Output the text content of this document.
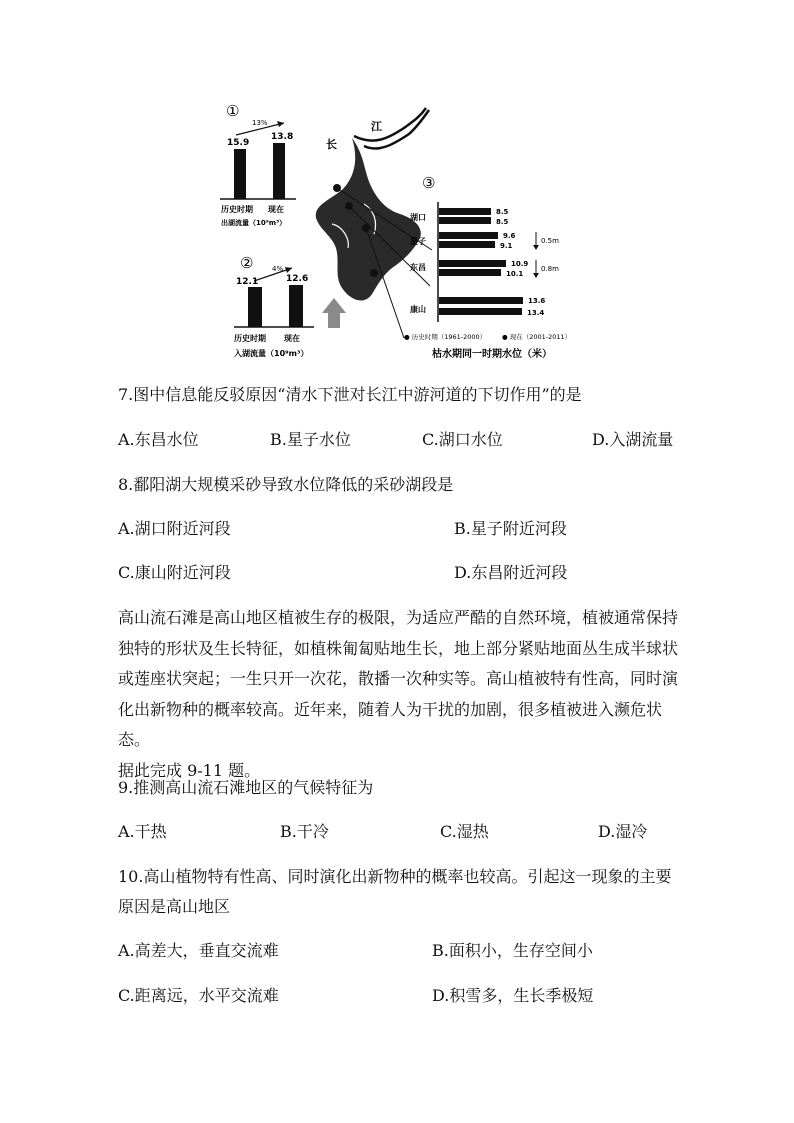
①
13%
15.9
13.8
历史时期 现在
出湖流量（10⁹m³）
②	4%
12.1	12.6
历史时期 现在
入湖流量（10⁹m³）
长
江
③
湖口
8.5
8.5
星子
9.6
9.1
0.5m
东昌	10.9
10.1
0.8m
康山
13.6
13.4
● 历史时期（1961-2000） ● 现在（2001-2011）
枯水期同一时期水位（米）
7.图中信息能反驳原因“清水下泄对长江中游河道的下切作用”的是
A.东昌水位	B.星子水位	C.湖口水位	D.入湖流量
8.鄱阳湖大规模采砂导致水位降低的采砂湖段是
A.湖口附近河段	B.星子附近河段
C.康山附近河段	D.东昌附近河段

高山流石滩是高山地区植被生存的极限，为适应严酷的自然环境，植被通常保持

独特的形状及生长特征，如植株匍匐贴地生长，地上部分紧贴地面丛生成半球状

或莲座状突起；一生只开一次花，散播一次种实等。高山植被特有性高，同时演

化出新物种的概率较高。近年来，随着人为干扰的加剧，很多植被进入濒危状态。

据此完成 9-11 题。

9.推测高山流石滩地区的气候特征为
A.干热	B.干冷	C.湿热	D.湿冷
10.高山植物特有性高、同时演化出新物种的概率也较高。引起这一现象的主要
原因是高山地区
A.高差大，垂直交流难	B.面积小，生存空间小
C.距离远，水平交流难	D.积雪多，生长季极短
